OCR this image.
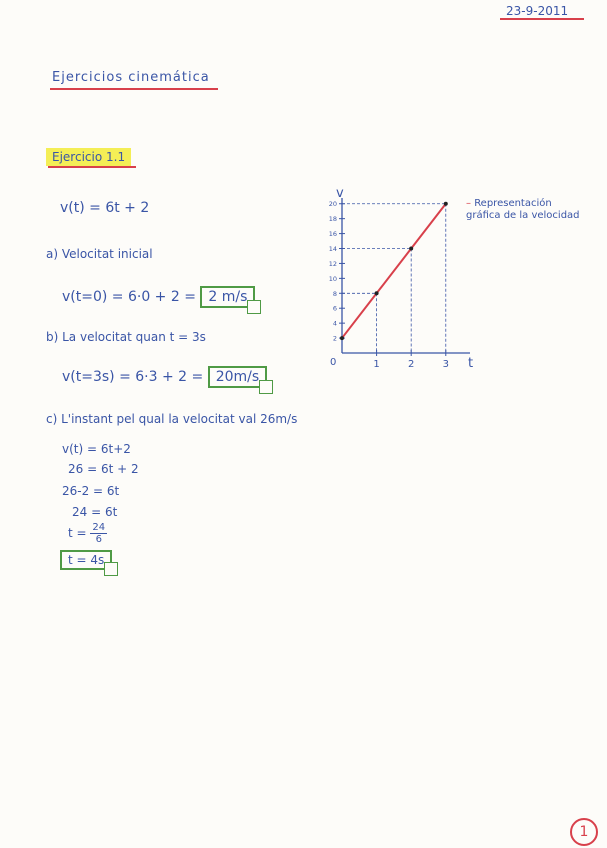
23-9-2011
Ejercicios cinemática
Ejercicio 1.1
v(t) = 6t + 2
a) Velocitat inicial
v(t=0) = 6·0 + 2 = 2 m/s
b) La velocitat quan t = 3s
v(t=3s) = 6·3 + 2 = 20m/s
c) L'instant pel qual la velocitat val 26m/s
v(t) = 6t+2
26 = 6t + 2
26-2 = 6t
24 = 6t
$t = \frac{24}{6}$
t = 4s
v
t
0
2
4
6
8
10
12
14
16
18
20
1	2	3
– Representación gráfica de la velocidad
1
